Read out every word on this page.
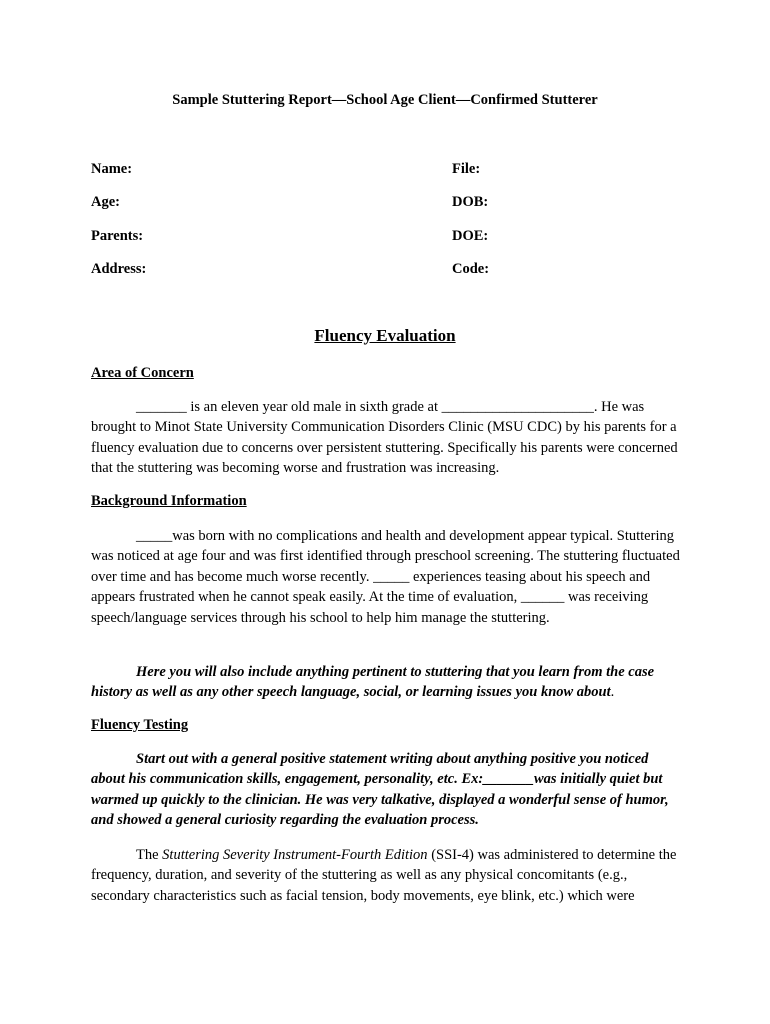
Sample Stuttering Report—School Age Client—Confirmed Stutterer
Name:
Age:
Parents:
Address:
File:
DOB:
DOE:
Code:
Fluency Evaluation
Area of Concern

_______ is an eleven year old male in sixth grade at _____________________. He was brought to Minot State University Communication Disorders Clinic (MSU CDC) by his parents for a fluency evaluation due to concerns over persistent stuttering. Specifically his parents were concerned that the stuttering was becoming worse and frustration was increasing.

Background Information

_____was born with no complications and health and development appear typical. Stuttering was noticed at age four and was first identified through preschool screening. The stuttering fluctuated over time and has become much worse recently. _____ experiences teasing about his speech and appears frustrated when he cannot speak easily. At the time of evaluation, ______ was receiving speech/language services through his school to help him manage the stuttering.

Here you will also include anything pertinent to stuttering that you learn from the case history as well as any other speech language, social, or learning issues you know about.

Fluency Testing

Start out with a general positive statement writing about anything positive you noticed about his communication skills, engagement, personality, etc. Ex:_______was initially quiet but warmed up quickly to the clinician. He was very talkative, displayed a wonderful sense of humor, and showed a general curiosity regarding the evaluation process.

The Stuttering Severity Instrument-Fourth Edition (SSI-4) was administered to determine the frequency, duration, and severity of the stuttering as well as any physical concomitants (e.g., secondary characteristics such as facial tension, body movements, eye blink, etc.) which were
